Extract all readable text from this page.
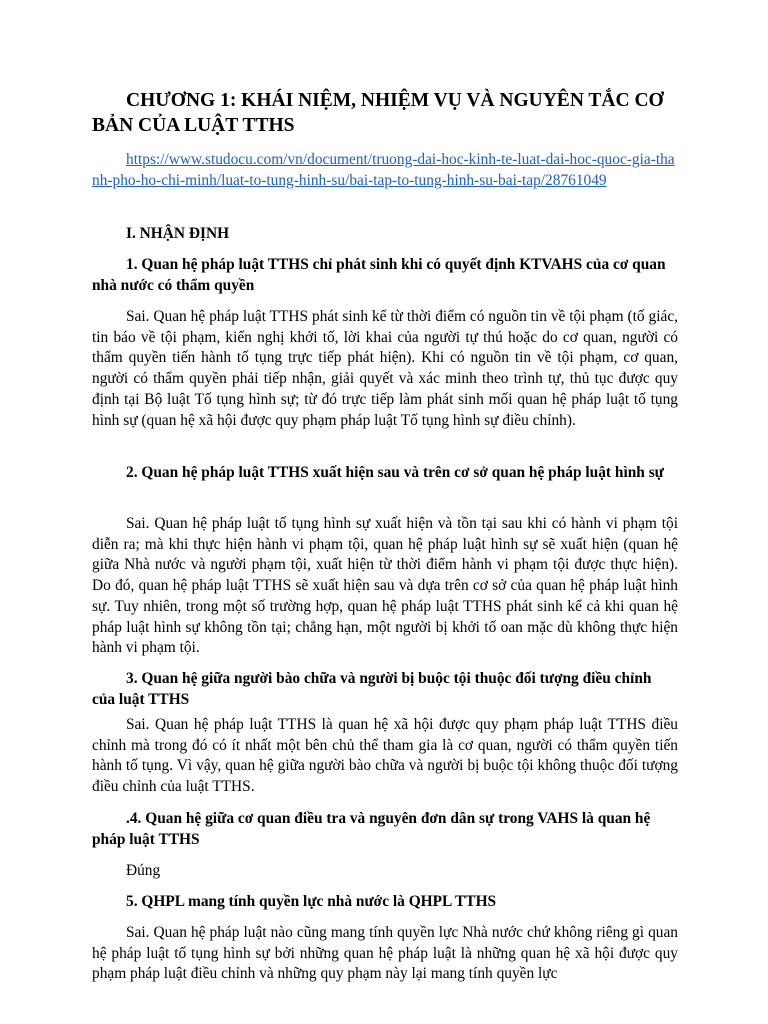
CHƯƠNG 1: KHÁI NIỆM, NHIỆM VỤ VÀ NGUYÊN TẮC CƠ BẢN CỦA LUẬT TTHS
https://www.studocu.com/vn/document/truong-dai-hoc-kinh-te-luat-dai-hoc-quoc-gia-thanh-pho-ho-chi-minh/luat-to-tung-hinh-su/bai-tap-to-tung-hinh-su-bai-tap/28761049
I. NHẬN ĐỊNH
1. Quan hệ pháp luật TTHS chỉ phát sinh khi có quyết định KTVAHS của cơ quan nhà nước có thẩm quyền
Sai. Quan hệ pháp luật TTHS phát sinh kể từ thời điểm có nguồn tin về tội phạm (tố giác, tin báo về tội phạm, kiến nghị khởi tố, lời khai của người tự thú hoặc do cơ quan, người có thẩm quyền tiến hành tố tụng trực tiếp phát hiện). Khi có nguồn tin về tội phạm, cơ quan, người có thẩm quyền phải tiếp nhận, giải quyết và xác minh theo trình tự, thủ tục được quy định tại Bộ luật Tố tụng hình sự; từ đó trực tiếp làm phát sinh mối quan hệ pháp luật tố tụng hình sự (quan hệ xã hội được quy phạm pháp luật Tố tụng hình sự điều chỉnh).
2. Quan hệ pháp luật TTHS xuất hiện sau và trên cơ sở quan hệ pháp luật hình sự
Sai. Quan hệ pháp luật tố tụng hình sự xuất hiện và tồn tại sau khi có hành vi phạm tội diễn ra; mà khi thực hiện hành vi phạm tội, quan hệ pháp luật hình sự sẽ xuất hiện (quan hệ giữa Nhà nước và người phạm tội, xuất hiện từ thời điểm hành vi phạm tội được thực hiện). Do đó, quan hệ pháp luật TTHS sẽ xuất hiện sau và dựa trên cơ sở của quan hệ pháp luật hình sự. Tuy nhiên, trong một số trường hợp, quan hệ pháp luật TTHS phát sinh kể cả khi quan hệ pháp luật hình sự không tồn tại; chẳng hạn, một người bị khởi tố oan mặc dù không thực hiện hành vi phạm tội.
3. Quan hệ giữa người bào chữa và người bị buộc tội thuộc đối tượng điều chỉnh của luật TTHS
Sai. Quan hệ pháp luật TTHS là quan hệ xã hội được quy phạm pháp luật TTHS điều chỉnh mà trong đó có ít nhất một bên chủ thể tham gia là cơ quan, người có thẩm quyền tiến hành tố tụng. Vì vậy, quan hệ giữa người bào chữa và người bị buộc tội không thuộc đối tượng điều chỉnh của luật TTHS.
.4. Quan hệ giữa cơ quan điều tra và nguyên đơn dân sự trong VAHS là quan hệ pháp luật TTHS
Đúng
5. QHPL mang tính quyền lực nhà nước là QHPL TTHS
Sai. Quan hệ pháp luật nào cũng mang tính quyền lực Nhà nước chứ không riêng gì quan hệ pháp luật tố tụng hình sự bởi những quan hệ pháp luật là những quan hệ xã hội được quy phạm pháp luật điều chỉnh và những quy phạm này lại mang tính quyền lực
